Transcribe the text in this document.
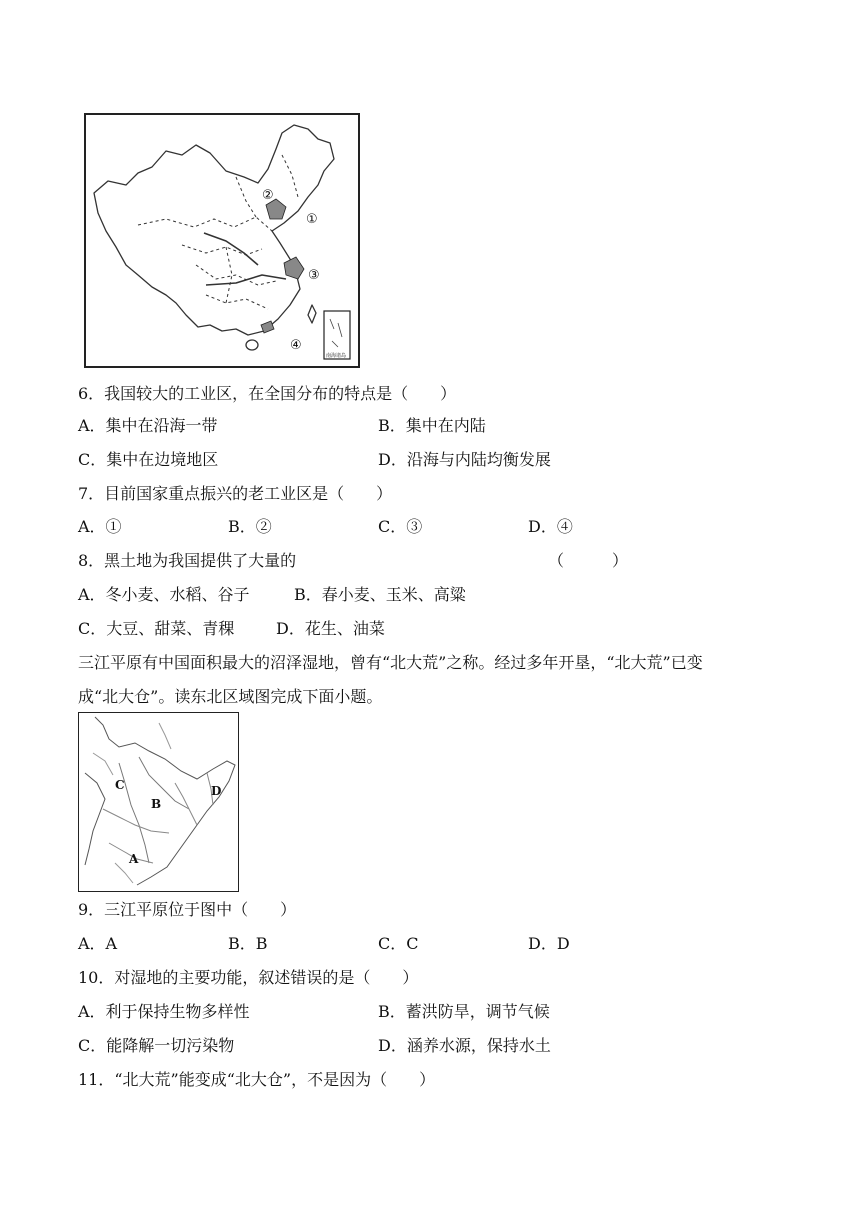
②
①
③
④
南海诸岛
6．我国较大的工业区，在全国分布的特点是（　　）
A．集中在沿海一带	B．集中在内陆
C．集中在边境地区	D．沿海与内陆均衡发展
7．目前国家重点振兴的老工业区是（　　）
A．①	B．②	C．③	D．④
8．黑土地为我国提供了大量的	（　　　）
A．冬小麦、水稻、谷子	B．春小麦、玉米、高粱
C．大豆、甜菜、青稞	D．花生、油菜
三江平原有中国面积最大的沼泽湿地，曾有“北大荒”之称。经过多年开垦，“北大荒”已变
成“北大仓”。读东北区域图完成下面小题。
A
B
C	D
9．三江平原位于图中（　　）
A．A	B．B	C．C	D．D
10．对湿地的主要功能，叙述错误的是（　　）
A．利于保持生物多样性	B．蓄洪防旱，调节气候
C．能降解一切污染物	D．涵养水源，保持水土
11．“北大荒”能变成“北大仓”，不是因为（　　）
